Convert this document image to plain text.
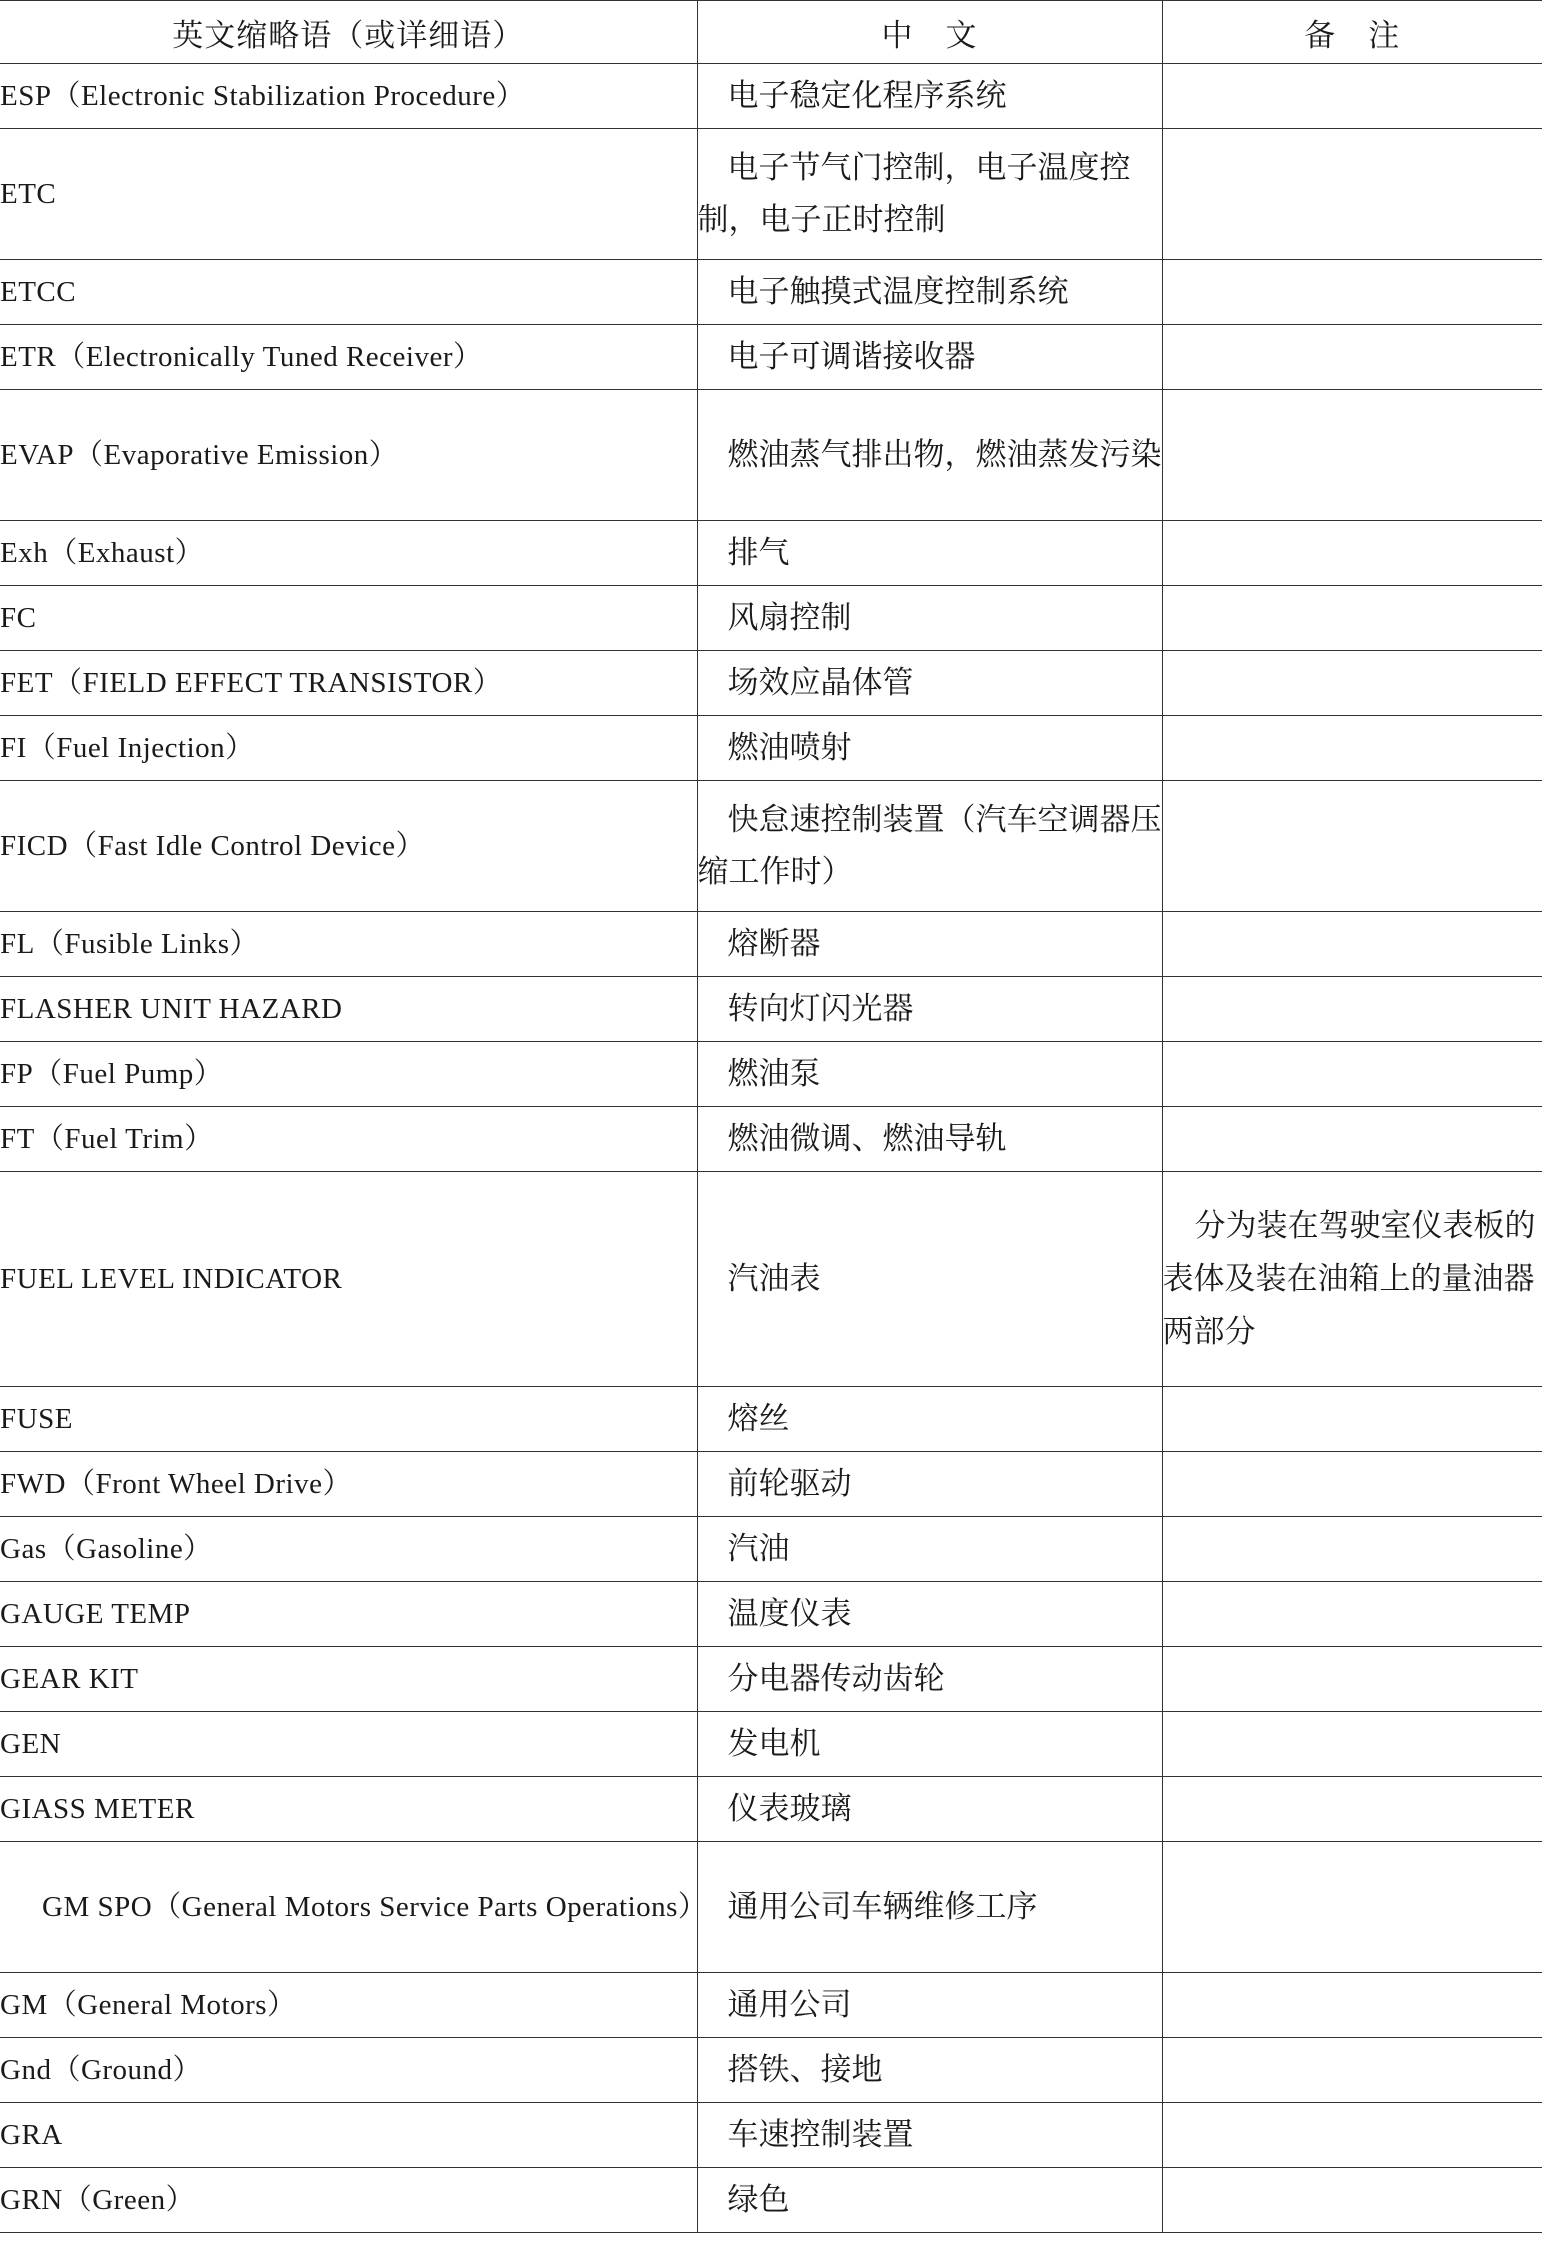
英文缩略语（或详细语）	中　文	备　注
ESP（Electronic Stabilization Procedure）	电子稳定化程序系统	
ETC	电子节气门控制，电子温度控制，电子正时控制	
ETCC	电子触摸式温度控制系统	
ETR（Electronically Tuned Receiver）	电子可调谐接收器	
EVAP（Evaporative Emission）	燃油蒸气排出物，燃油蒸发污染	
Exh（Exhaust）	排气	
FC	风扇控制	
FET（FIELD EFFECT TRANSISTOR）	场效应晶体管	
FI（Fuel Injection）	燃油喷射	
FICD（Fast Idle Control Device）	快怠速控制装置（汽车空调器压缩工作时）	
FL（Fusible Links）	熔断器	
FLASHER UNIT HAZARD	转向灯闪光器	
FP（Fuel Pump）	燃油泵	
FT（Fuel Trim）	燃油微调、燃油导轨	
FUEL LEVEL INDICATOR	汽油表	分为装在驾驶室仪表板的表体及装在油箱上的量油器两部分
FUSE	熔丝	
FWD（Front Wheel Drive）	前轮驱动	
Gas（Gasoline）	汽油	
GAUGE TEMP	温度仪表	
GEAR KIT	分电器传动齿轮	
GEN	发电机	
GIASS METER	仪表玻璃	
GM SPO（General Motors Service Parts Operations）	通用公司车辆维修工序	
GM（General Motors）	通用公司	
Gnd（Ground）	搭铁、接地	
GRA	车速控制装置	
GRN（Green）	绿色	
